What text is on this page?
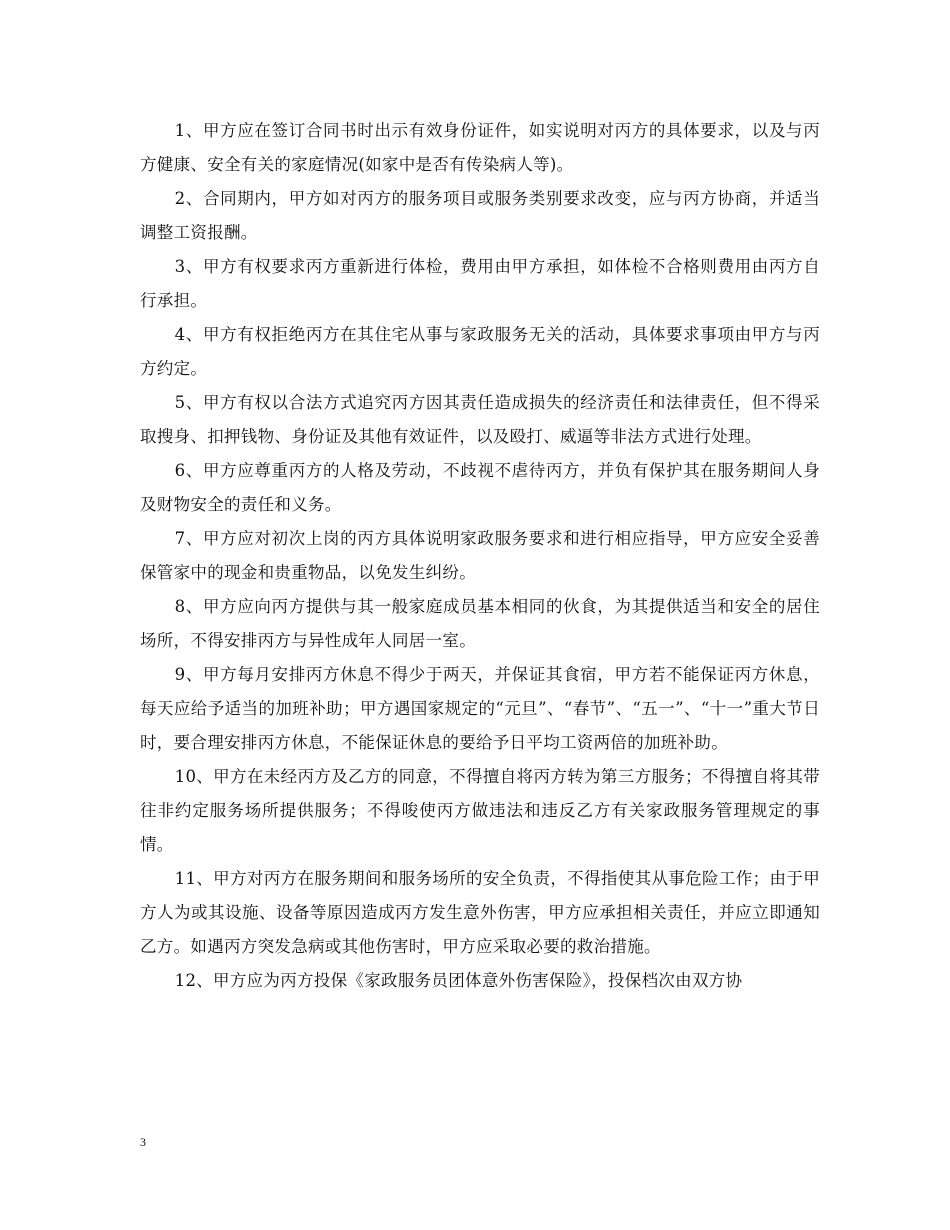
1、甲方应在签订合同书时出示有效身份证件，如实说明对丙方的具体要求，以及与丙方健康、安全有关的家庭情况(如家中是否有传染病人等)。

2、合同期内，甲方如对丙方的服务项目或服务类别要求改变，应与丙方协商，并适当调整工资报酬。

3、甲方有权要求丙方重新进行体检，费用由甲方承担，如体检不合格则费用由丙方自行承担。

4、甲方有权拒绝丙方在其住宅从事与家政服务无关的活动，具体要求事项由甲方与丙方约定。

5、甲方有权以合法方式追究丙方因其责任造成损失的经济责任和法律责任，但不得采取搜身、扣押钱物、身份证及其他有效证件，以及殴打、威逼等非法方式进行处理。

6、甲方应尊重丙方的人格及劳动，不歧视不虐待丙方，并负有保护其在服务期间人身及财物安全的责任和义务。

7、甲方应对初次上岗的丙方具体说明家政服务要求和进行相应指导，甲方应安全妥善保管家中的现金和贵重物品，以免发生纠纷。

8、甲方应向丙方提供与其一般家庭成员基本相同的伙食，为其提供适当和安全的居住场所，不得安排丙方与异性成年人同居一室。

9、甲方每月安排丙方休息不得少于两天，并保证其食宿，甲方若不能保证丙方休息，每天应给予适当的加班补助；甲方遇国家规定的“元旦”、“春节”、“五一”、“十一”重大节日时，要合理安排丙方休息，不能保证休息的要给予日平均工资两倍的加班补助。

10、甲方在未经丙方及乙方的同意，不得擅自将丙方转为第三方服务；不得擅自将其带往非约定服务场所提供服务；不得唆使丙方做违法和违反乙方有关家政服务管理规定的事情。

11、甲方对丙方在服务期间和服务场所的安全负责，不得指使其从事危险工作；由于甲方人为或其设施、设备等原因造成丙方发生意外伤害，甲方应承担相关责任，并应立即通知乙方。如遇丙方突发急病或其他伤害时，甲方应采取必要的救治措施。

12、甲方应为丙方投保《家政服务员团体意外伤害保险》，投保档次由双方协

3
